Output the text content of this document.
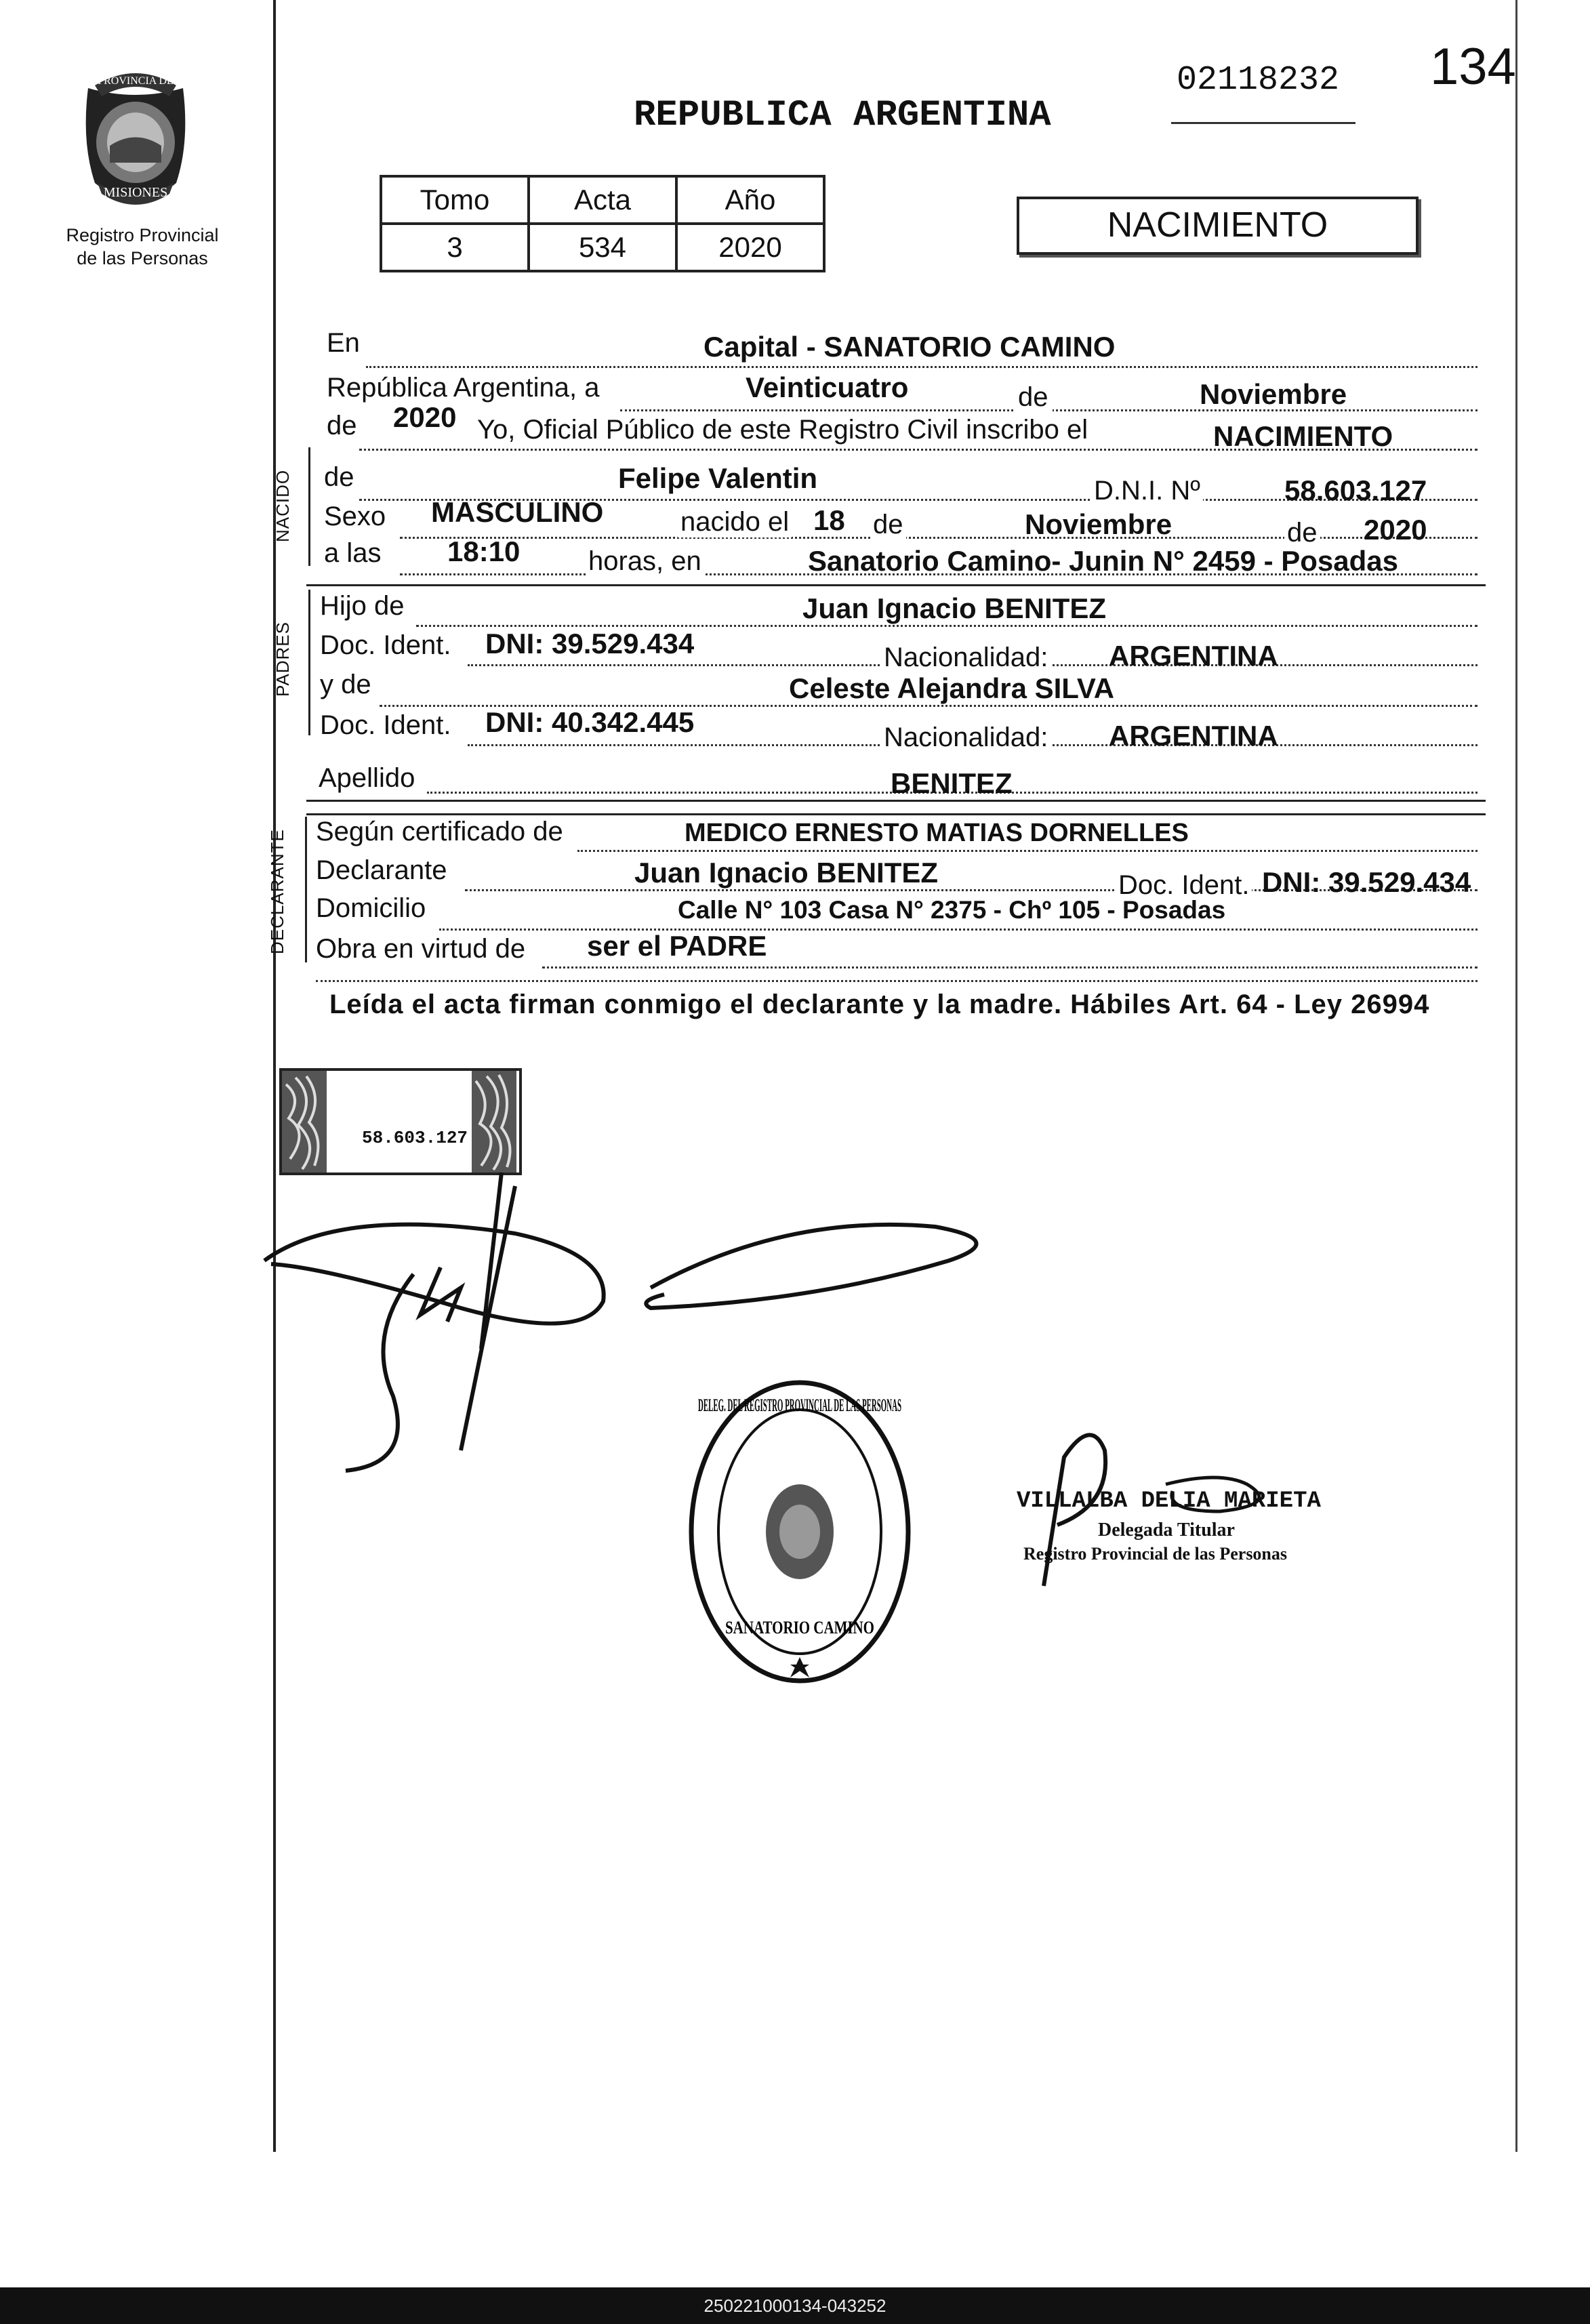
PROVINCIA DE
MISIONES
Registro Provincial
de las Personas
REPUBLICA ARGENTINA
02118232 134
Tomo	Acta	Año
3	534	2020
NACIMIENTO
En	Capital - SANATORIO CAMINO
República Argentina, a	Veinticuatro	de	Noviembre
de 2020 Yo, Oficial Público de este Registro Civil inscribo el	NACIMIENTO
NACIDO de	Felipe Valentin	D.N.I. Nº	58.603.127
Sexo MASCULINO	nacido el 18 de	Noviembre	de 2020
a las 18:10	horas, en	Sanatorio Camino- Junin N° 2459 - Posadas
PADRES
Hijo de	Juan Ignacio BENITEZ
Doc. Ident. DNI: 39.529.434	Nacionalidad: ARGENTINA
y de	Celeste Alejandra SILVA
Doc. Ident. DNI: 40.342.445	Nacionalidad: ARGENTINA
Apellido	BENITEZ
DECLARANTE Según certificado de	MEDICO ERNESTO MATIAS DORNELLES
Declarante	Juan Ignacio BENITEZ	Doc. Ident. DNI: 39.529.434
Domicilio	Calle N° 103 Casa N° 2375 - Chº 105 - Posadas
Obra en virtud de ser el PADRE
Leída el acta firman conmigo el declarante y la madre. Hábiles Art. 64 - Ley 26994
58.603.127
DELEG. DEL REGISTRO PROVINCIAL DE LAS PERSONAS
SANATORIO CAMINO
VILLALBA DELIA MARIETA
Delegada Titular
Registro Provincial de las Personas
250221000134-043252
